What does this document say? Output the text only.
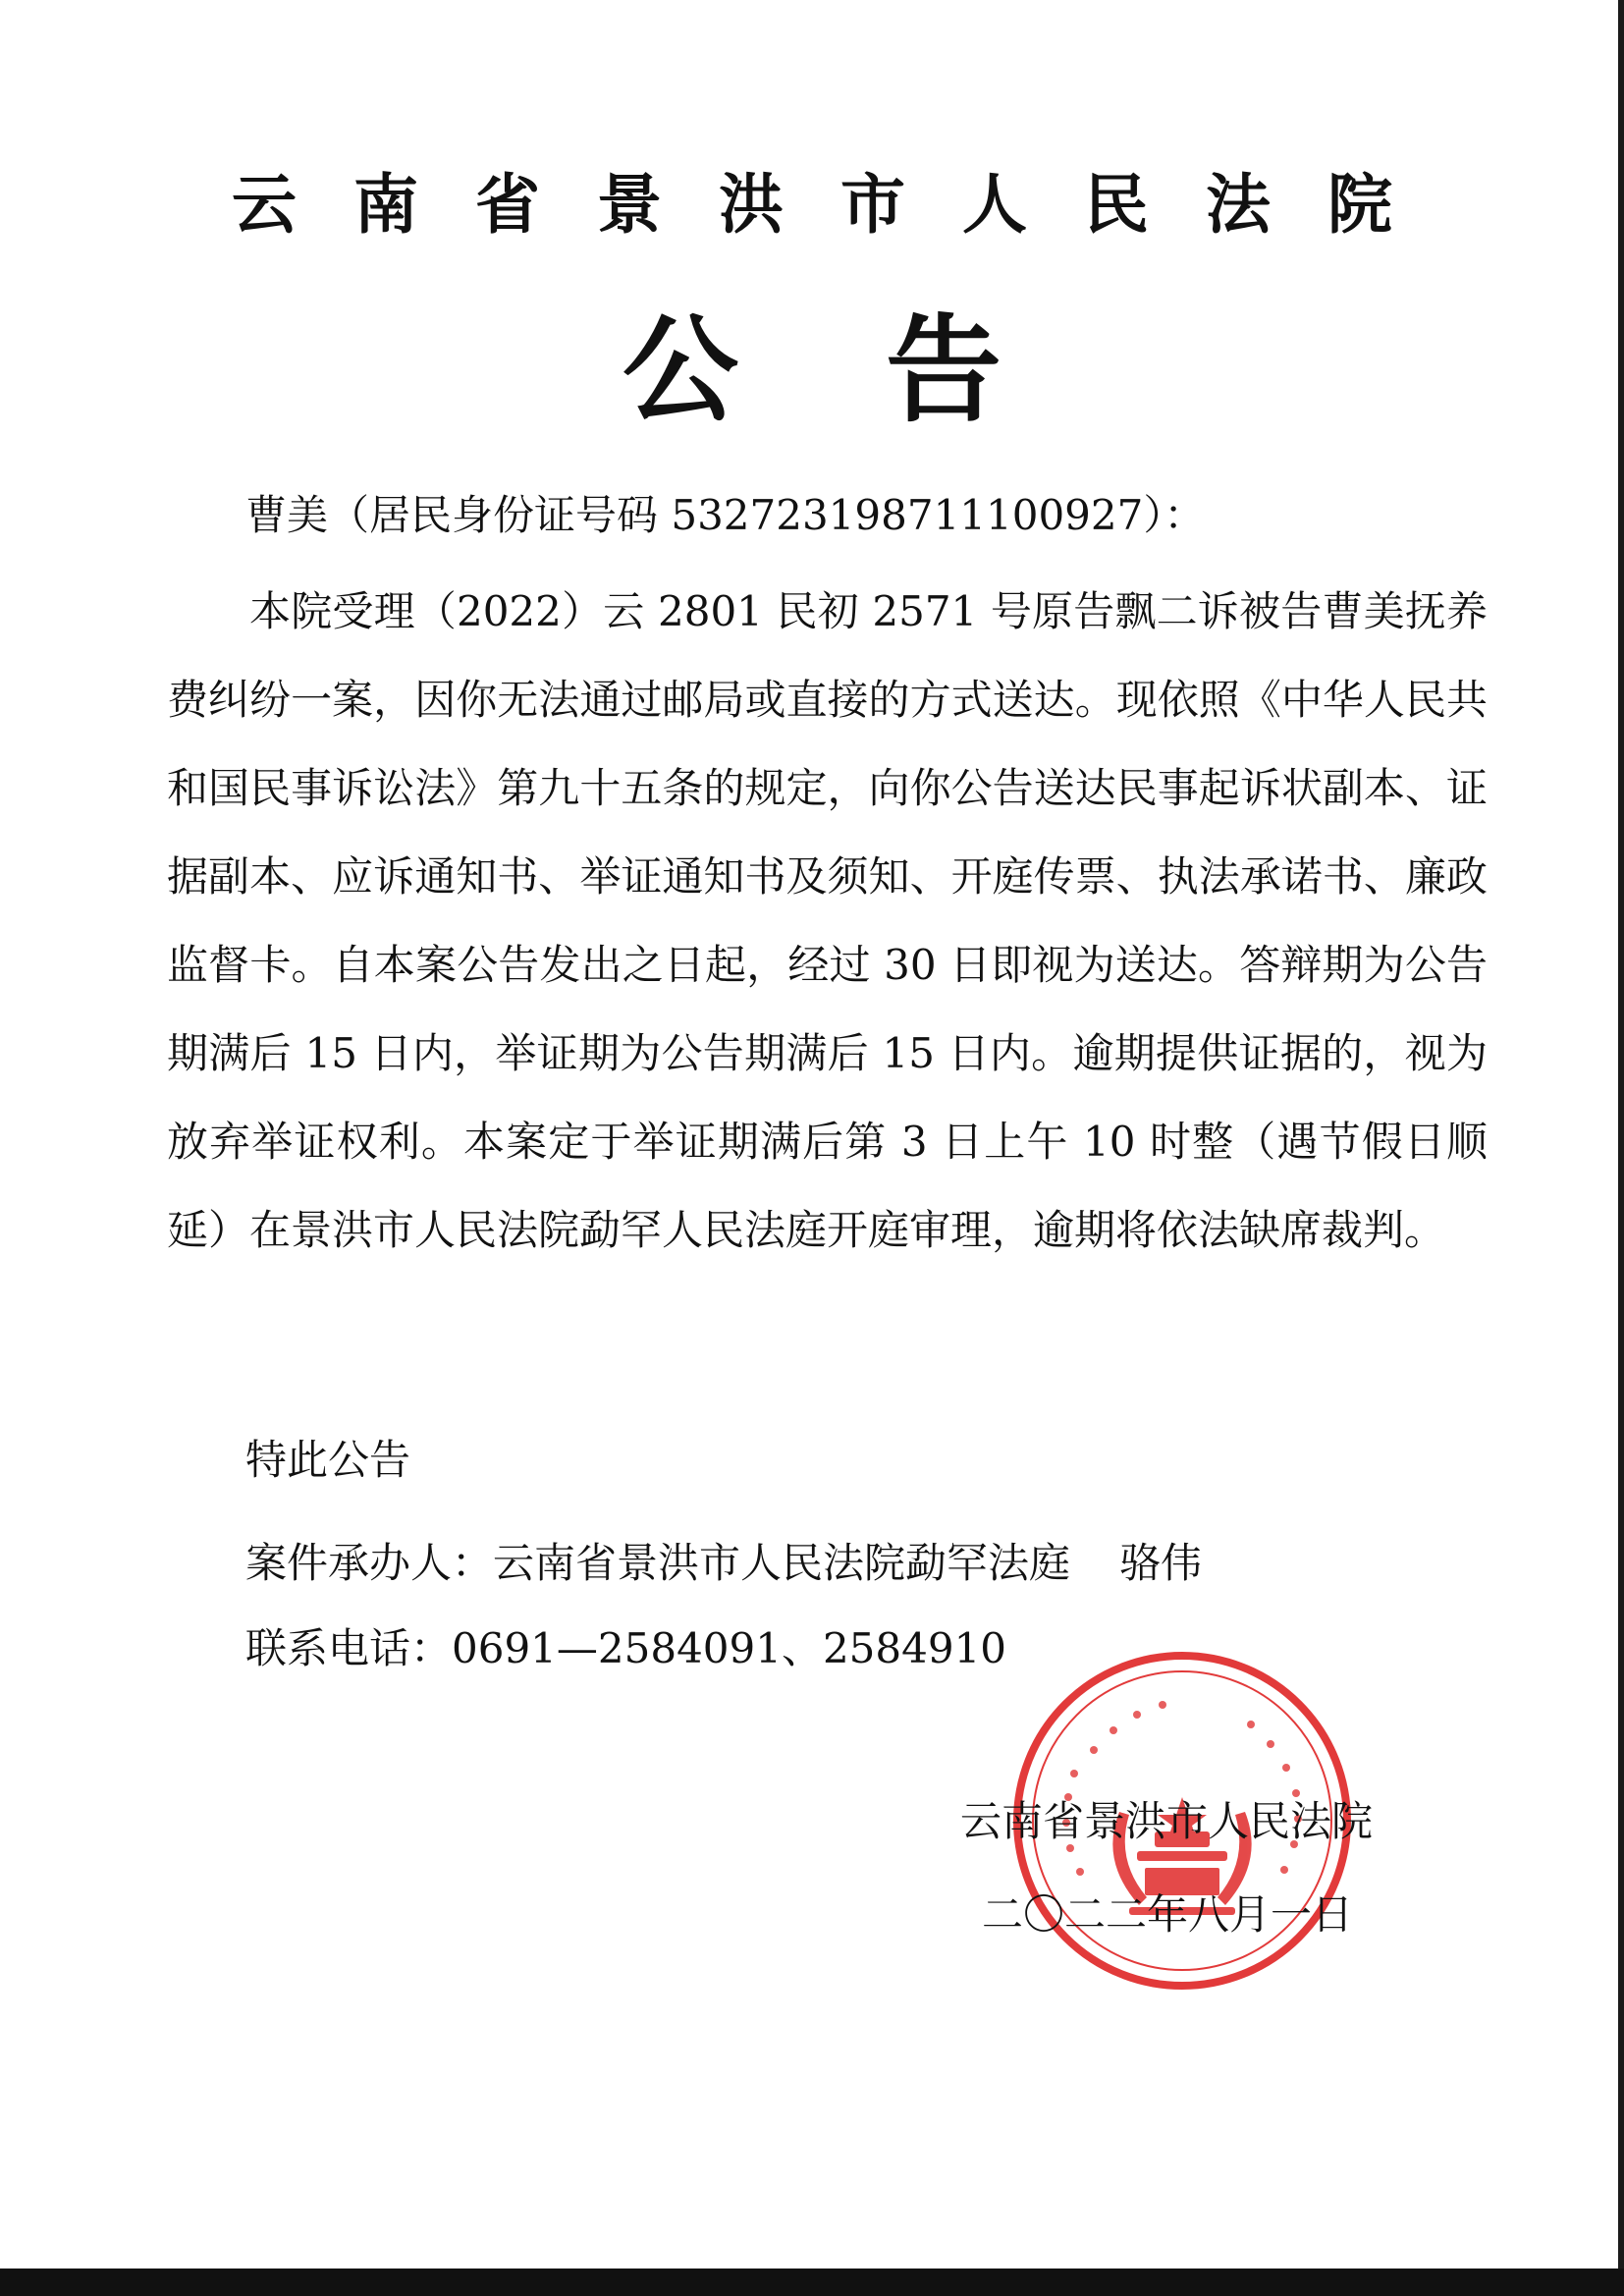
云南省景洪市人民法院
公告
曹美（居民身份证号码 532723198711100927）：
本院受理（2022）云 2801 民初 2571 号原告飘二诉被告曹美抚养费纠纷一案，因你无法通过邮局或直接的方式送达。现依照《中华人民共和国民事诉讼法》第九十五条的规定，向你公告送达民事起诉状副本、证据副本、应诉通知书、举证通知书及须知、开庭传票、执法承诺书、廉政监督卡。自本案公告发出之日起，经过 30 日即视为送达。答辩期为公告期满后 15 日内，举证期为公告期满后 15 日内。逾期提供证据的，视为放弃举证权利。本案定于举证期满后第 3 日上午 10 时整（遇节假日顺延）在景洪市人民法院勐罕人民法庭开庭审理，逾期将依法缺席裁判。
特此公告
案件承办人：云南省景洪市人民法院勐罕法庭 骆伟
联系电话：0691—2584091、2584910
云南省景洪市人民法院
二〇二二年八月一日
